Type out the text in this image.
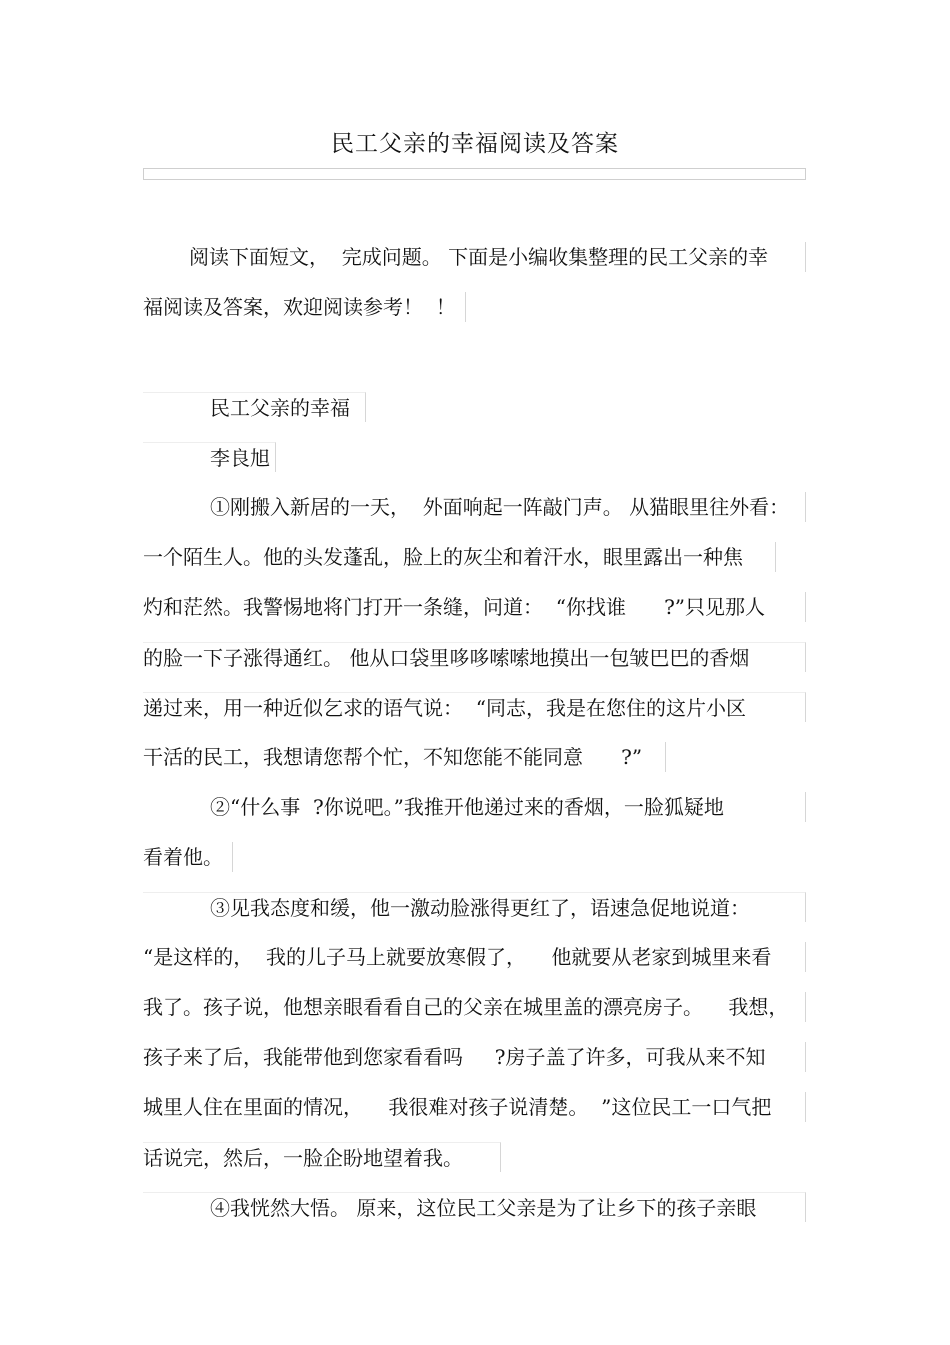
民工父亲的幸福阅读及答案
阅读下面短文，  完成问题。 下面是小编收集整理的民工父亲的幸
福阅读及答案，欢迎阅读参考！  ！
民工父亲的幸福
李良旭
①刚搬入新居的一天，  外面响起一阵敲门声。 从猫眼里往外看：
一个陌生人。他的头发蓬乱，脸上的灰尘和着汗水，眼里露出一种焦
灼和茫然。我警惕地将门打开一条缝，问道：  “你找谁      ?”只见那人
的脸一下子涨得通红。 他从口袋里哆哆嗦嗦地摸出一包皱巴巴的香烟
递过来，用一种近似乞求的语气说：  “同志，我是在您住的这片小区
干活的民工，我想请您帮个忙，不知您能不能同意      ?”
②“什么事  ?你说吧。”我推开他递过来的香烟，一脸狐疑地
看着他。
③见我态度和缓，他一激动脸涨得更红了，语速急促地说道：
“是这样的，  我的儿子马上就要放寒假了，    他就要从老家到城里来看
我了。孩子说，他想亲眼看看自己的父亲在城里盖的漂亮房子。    我想，
孩子来了后，我能带他到您家看看吗     ?房子盖了许多，可我从来不知
城里人住在里面的情况，    我很难对孩子说清楚。  ”这位民工一口气把
话说完，然后，一脸企盼地望着我。
④我恍然大悟。 原来，这位民工父亲是为了让乡下的孩子亲眼
